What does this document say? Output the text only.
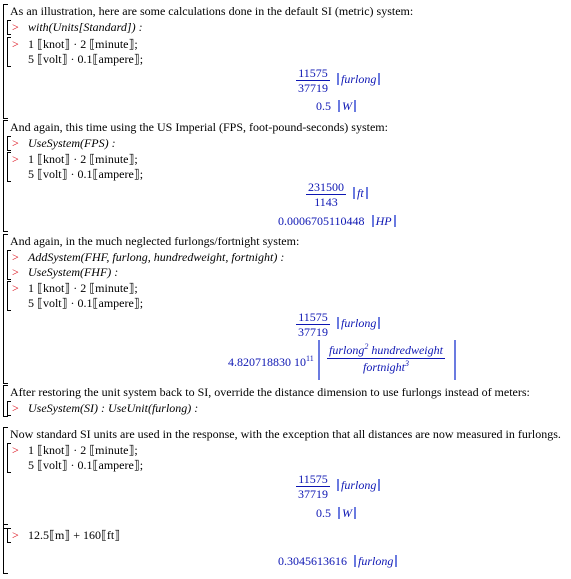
As an illustration, here are some calculations done in the default SI (metric) system:
> with(Units[Standard]) :
> 1 ⟦knot⟧ · 2 ⟦minute⟧;
5 ⟦volt⟧ · 0.1⟦ampere⟧;
$\frac{11575}{37719}$ furlong
0.5 W
And again, this time using the US Imperial (FPS, foot-pound-seconds) system:
> UseSystem(FPS) :
> 1 ⟦knot⟧ · 2 ⟦minute⟧;
5 ⟦volt⟧ · 0.1⟦ampere⟧;
$\frac{231500}{1143}$ ft
0.0006705110448 HP
And again, in the much neglected furlongs/fortnight system:
> AddSystem(FHF, furlong, hundredweight, fortnight) :
> UseSystem(FHF) :
> 1 ⟦knot⟧ · 2 ⟦minute⟧;
5 ⟦volt⟧ · 0.1⟦ampere⟧;
$\frac{11575}{37719}$ furlong
4.820718830 $10^{11}$
furlong$^2$ hundredweight
fortnight$^3$
After restoring the unit system back to SI, override the distance dimension to use furlongs instead of meters:
> UseSystem(SI) : UseUnit(furlong) :
Now standard SI units are used in the response, with the exception that all distances are now measured in furlongs.
> 1 ⟦knot⟧ · 2 ⟦minute⟧;
5 ⟦volt⟧ · 0.1⟦ampere⟧;
$\frac{11575}{37719}$ furlong
0.5 W
> 12.5⟦m⟧ + 160⟦ft⟧
0.3045613616 furlong
